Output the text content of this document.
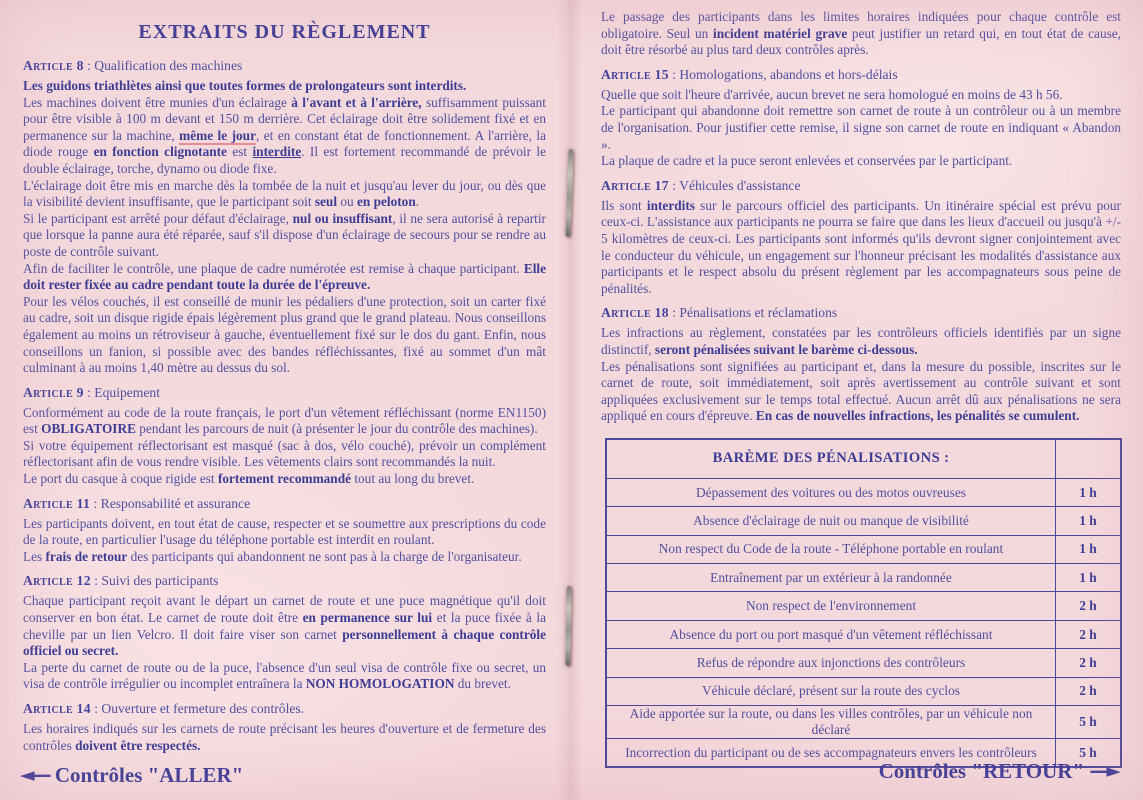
EXTRAITS DU RÈGLEMENT
Article 8 : Qualification des machines

Les guidons triathlètes ainsi que toutes formes de prolongateurs sont interdits.

Les machines doivent être munies d'un éclairage à l'avant et à l'arrière, suffisamment puissant pour être visible à 100 m devant et 150 m derrière. Cet éclairage doit être solidement fixé et en permanence sur la machine, même le jour, et en constant état de fonctionnement. A l'arrière, la diode rouge en fonction clignotante est interdite. Il est fortement recommandé de prévoir le double éclairage, torche, dynamo ou diode fixe.

L'éclairage doit être mis en marche dès la tombée de la nuit et jusqu'au lever du jour, ou dès que la visibilité devient insuffisante, que le participant soit seul ou en peloton.

Si le participant est arrêté pour défaut d'éclairage, nul ou insuffisant, il ne sera autorisé à repartir que lorsque la panne aura été réparée, sauf s'il dispose d'un éclairage de secours pour se rendre au poste de contrôle suivant.

Afin de faciliter le contrôle, une plaque de cadre numérotée est remise à chaque participant. Elle doit rester fixée au cadre pendant toute la durée de l'épreuve.

Pour les vélos couchés, il est conseillé de munir les pédaliers d'une protection, soit un carter fixé au cadre, soit un disque rigide épais légèrement plus grand que le grand plateau. Nous conseillons également au moins un rétroviseur à gauche, éventuellement fixé sur le dos du gant. Enfin, nous conseillons un fanion, si possible avec des bandes réfléchissantes, fixé au sommet d'un mât culminant à au moins 1,40 mètre au dessus du sol.

Article 9 : Equipement

Conformément au code de la route français, le port d'un vêtement réfléchissant (norme EN1150) est OBLIGATOIRE pendant les parcours de nuit (à présenter le jour du contrôle des machines).

Si votre équipement réflectorisant est masqué (sac à dos, vélo couché), prévoir un complément réflectorisant afin de vous rendre visible. Les vêtements clairs sont recommandés la nuit.

Le port du casque à coque rigide est fortement recommandé tout au long du brevet.

Article 11 : Responsabilité et assurance

Les participants doivent, en tout état de cause, respecter et se soumettre aux prescriptions du code de la route, en particulier l'usage du téléphone portable est interdit en roulant.

Les frais de retour des participants qui abandonnent ne sont pas à la charge de l'organisateur.

Article 12 : Suivi des participants

Chaque participant reçoit avant le départ un carnet de route et une puce magnétique qu'il doit conserver en bon état. Le carnet de route doit être en permanence sur lui et la puce fixée à la cheville par un lien Velcro. Il doit faire viser son carnet personnellement à chaque contrôle officiel ou secret.

La perte du carnet de route ou de la puce, l'absence d'un seul visa de contrôle fixe ou secret, un visa de contrôle irrégulier ou incomplet entraînera la NON HOMOLOGATION du brevet.

Article 14 : Ouverture et fermeture des contrôles.

Les horaires indiqués sur les carnets de route précisant les heures d'ouverture et de fermeture des contrôles doivent être respectés.

Le passage des participants dans les limites horaires indiquées pour chaque contrôle est obligatoire. Seul un incident matériel grave peut justifier un retard qui, en tout état de cause, doit être résorbé au plus tard deux contrôles après.

Article 15 : Homologations, abandons et hors-délais

Quelle que soit l'heure d'arrivée, aucun brevet ne sera homologué en moins de 43 h 56.

Le participant qui abandonne doit remettre son carnet de route à un contrôleur ou à un membre de l'organisation. Pour justifier cette remise, il signe son carnet de route en indiquant « Abandon ».

La plaque de cadre et la puce seront enlevées et conservées par le participant.

Article 17 : Véhicules d'assistance

Ils sont interdits sur le parcours officiel des participants. Un itinéraire spécial est prévu pour ceux-ci. L'assistance aux participants ne pourra se faire que dans les lieux d'accueil ou jusqu'à +/- 5 kilomètres de ceux-ci. Les participants sont informés qu'ils devront signer conjointement avec le conducteur du véhicule, un engagement sur l'honneur précisant les modalités d'assistance aux participants et le respect absolu du présent règlement par les accompagnateurs sous peine de pénalités.

Article 18 : Pénalisations et réclamations

Les infractions au règlement, constatées par les contrôleurs officiels identifiés par un signe distinctif, seront pénalisées suivant le barème ci-dessous.

Les pénalisations sont signifiées au participant et, dans la mesure du possible, inscrites sur le carnet de route, soit immédiatement, soit après avertissement au contrôle suivant et sont appliquées exclusivement sur le temps total effectué. Aucun arrêt dû aux pénalisations ne sera appliqué en cours d'épreuve. En cas de nouvelles infractions, les pénalités se cumulent.

BARÈME DES PÉNALISATIONS :	
Dépassement des voitures ou des motos ouvreuses	1 h
Absence d'éclairage de nuit ou manque de visibilité	1 h
Non respect du Code de la route - Téléphone portable en roulant	1 h
Entraînement par un extérieur à la randonnée	1 h
Non respect de l'environnement	2 h
Absence du port ou port masqué d'un vêtement réfléchissant	2 h
Refus de répondre aux injonctions des contrôleurs	2 h
Véhicule déclaré, présent sur la route des cyclos	2 h
Aide apportée sur la route, ou dans les villes contrôles, par un véhicule non déclaré	5 h
Incorrection du participant ou de ses accompagnateurs envers les contrôleurs	5 h
◄— Contrôles "ALLER"	Contrôles "RETOUR" —►
